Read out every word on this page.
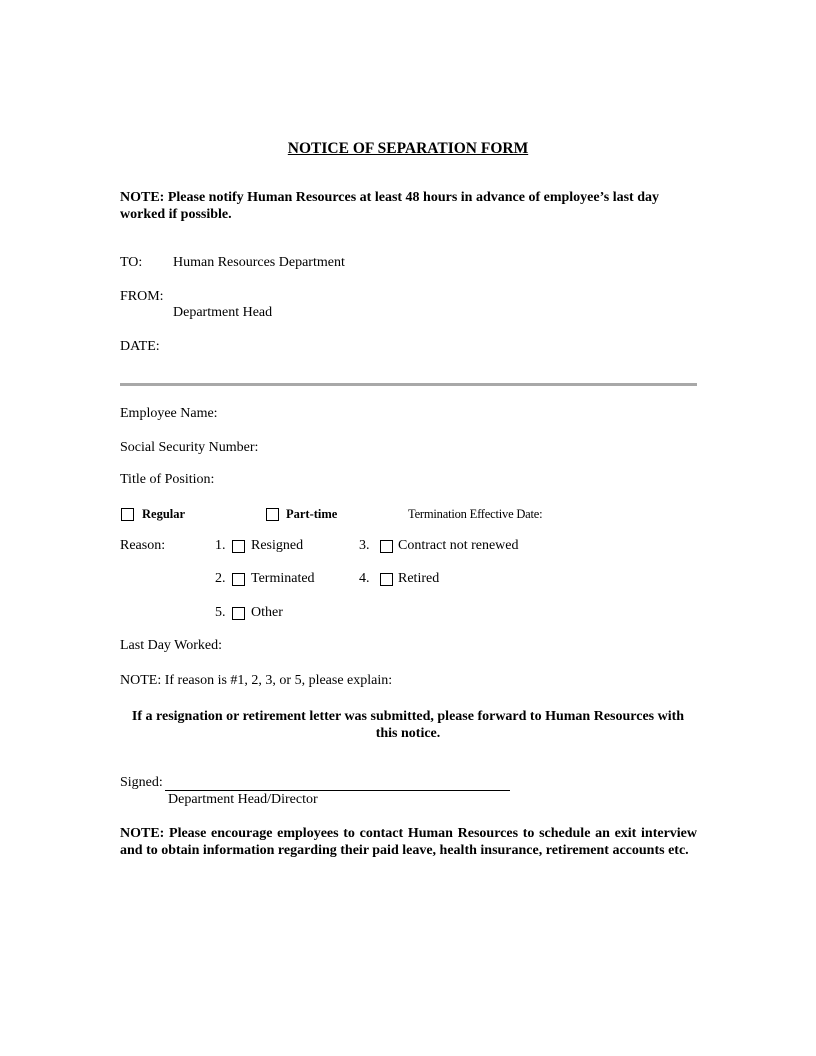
NOTICE OF SEPARATION FORM
NOTE: Please notify Human Resources at least 48 hours in advance of employee’s last day worked if possible.
TO: Human Resources Department
FROM:
Department Head
DATE:
Employee Name:
Social Security Number:
Title of Position:
Regular	Part-time	Termination Effective Date:
Reason:	1. Resigned	3. Contract not renewed
2. Terminated	4. Retired
5. Other
Last Day Worked:
NOTE: If reason is #1, 2, 3, or 5, please explain:
If a resignation or retirement letter was submitted, please forward to Human Resources with this notice.
Signed:
Department Head/Director
NOTE: Please encourage employees to contact Human Resources to schedule an exit interview and to obtain information regarding their paid leave, health insurance, retirement accounts etc.
